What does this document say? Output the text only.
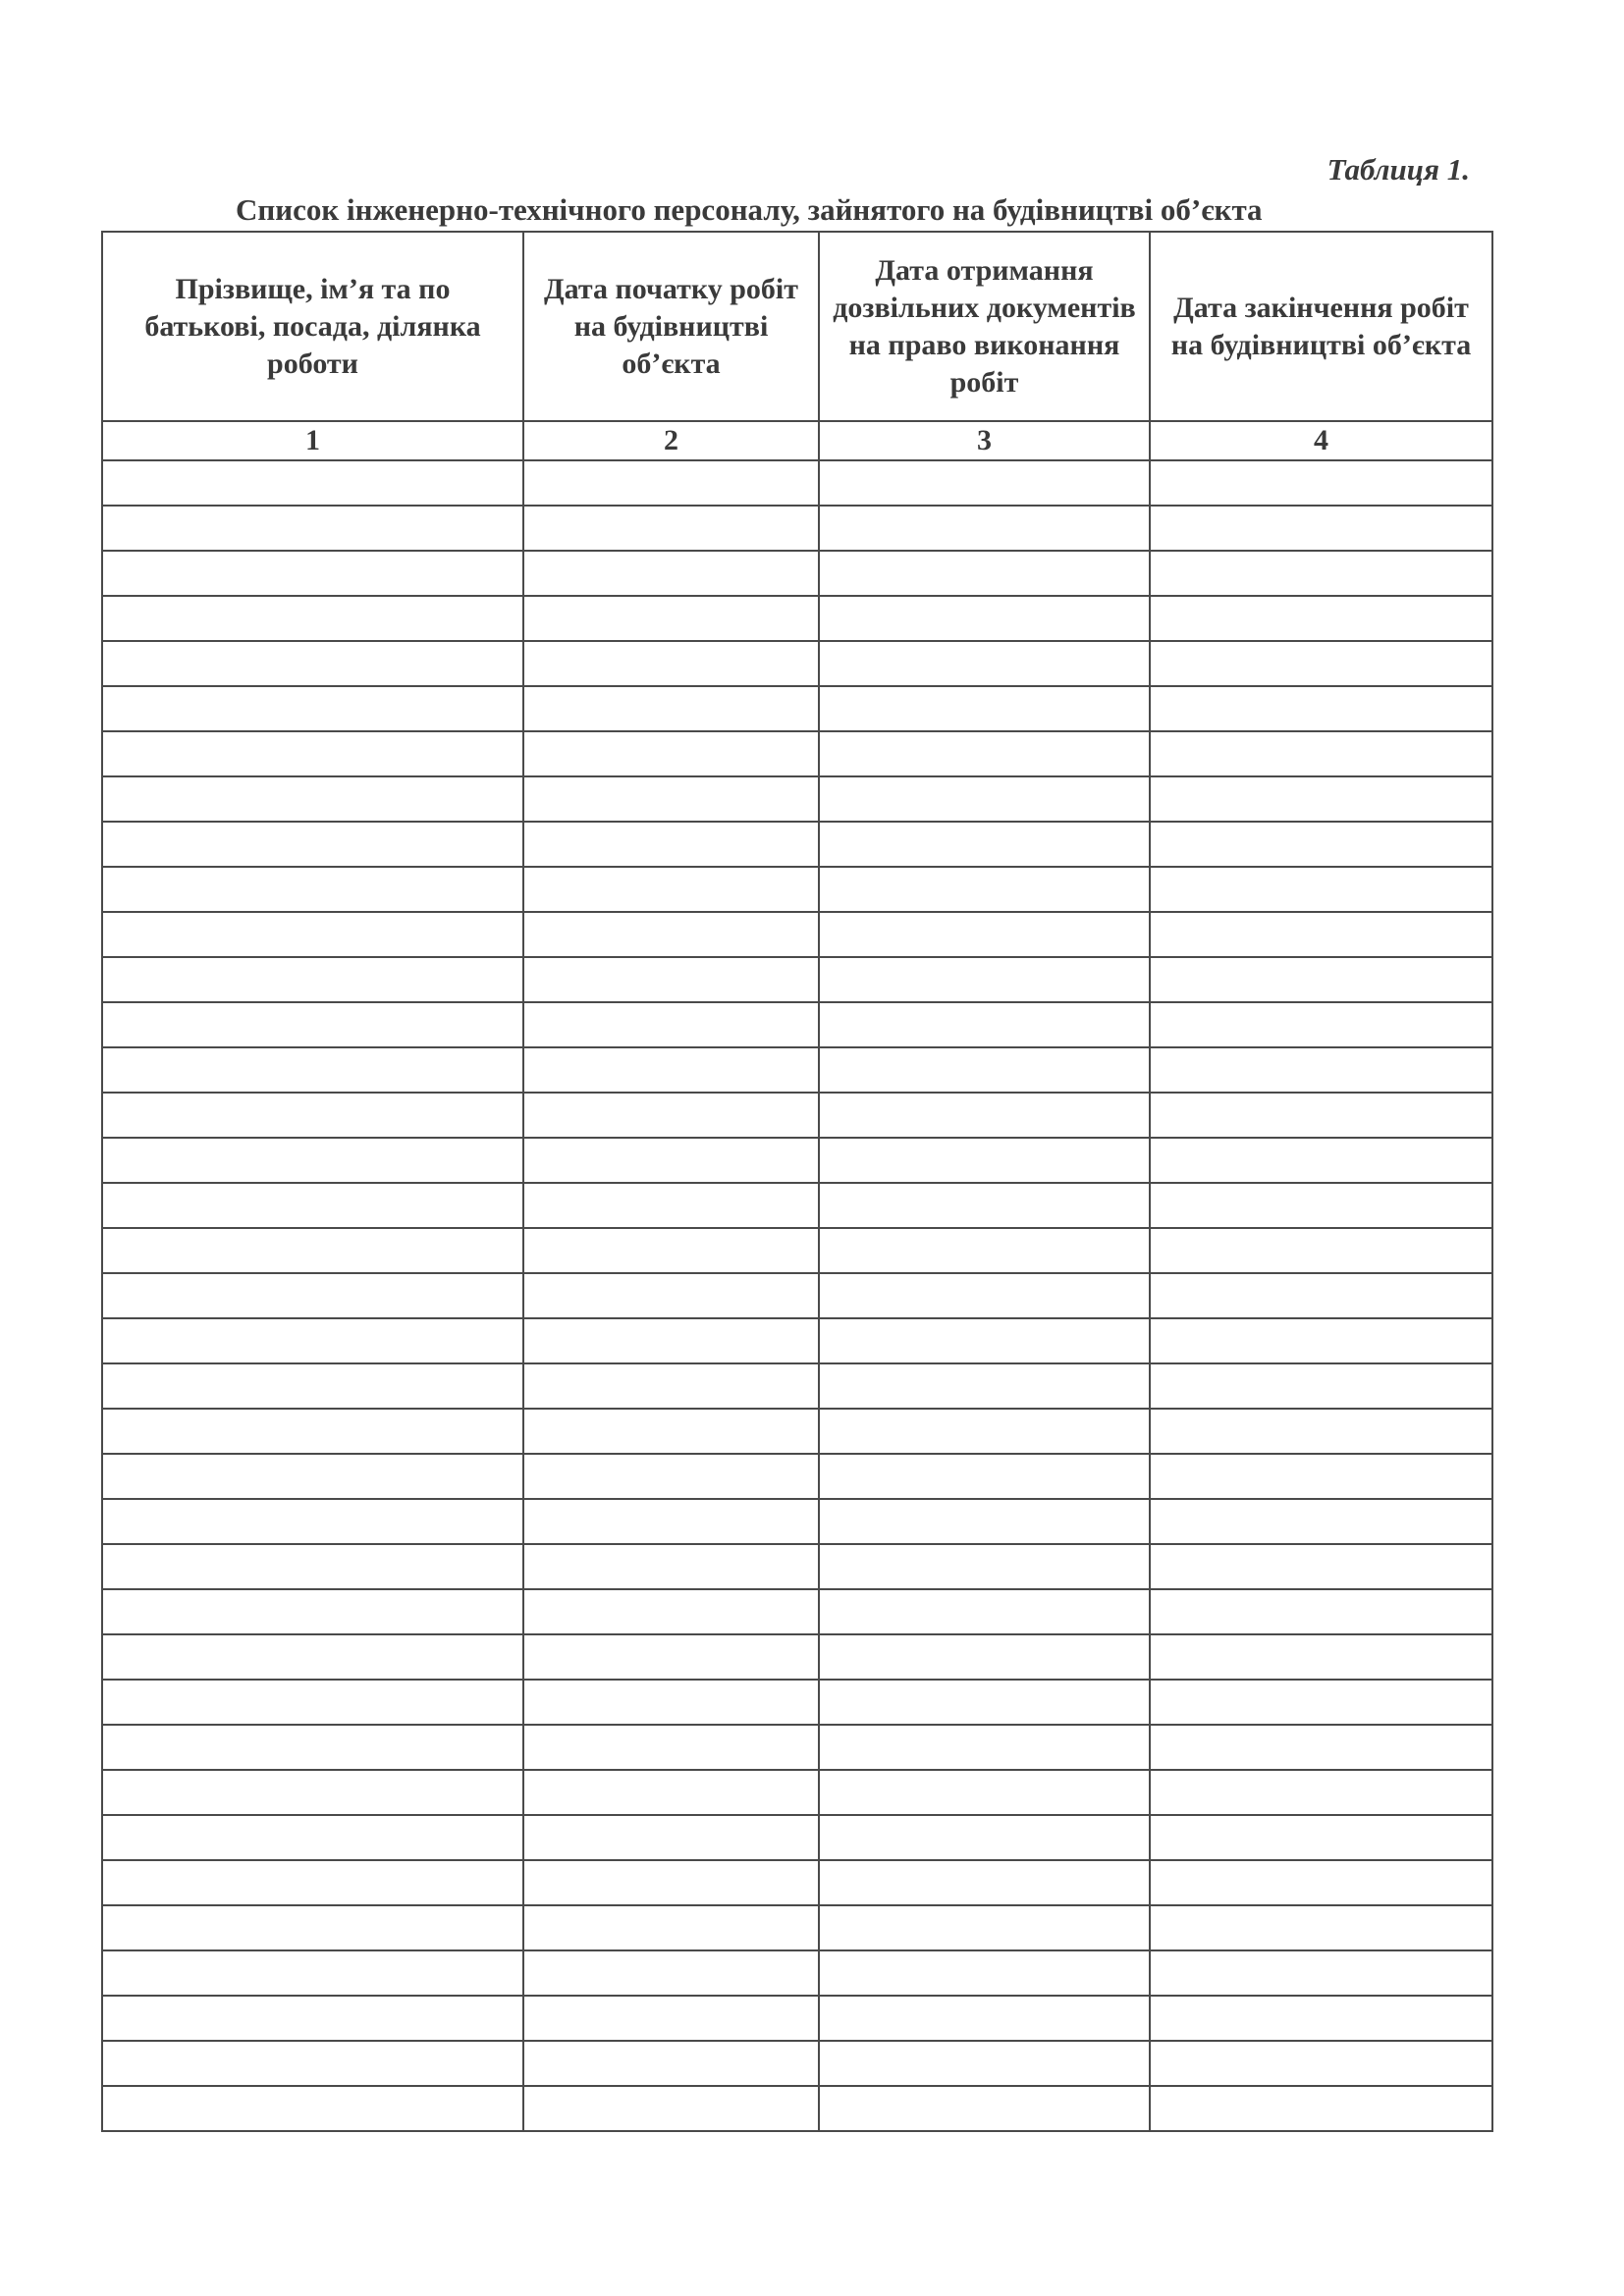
Таблиця 1.
Список інженерно-технічного персоналу, зайнятого на будівництві об’єкта
Прізвище, ім’я та по батькові, посада, ділянка роботи	Дата початку робіт на будівництві об’єкта	Дата отримання дозвільних документів на право виконання робіт	Дата закінчення робіт на будівництві об’єкта
1	2	3	4
